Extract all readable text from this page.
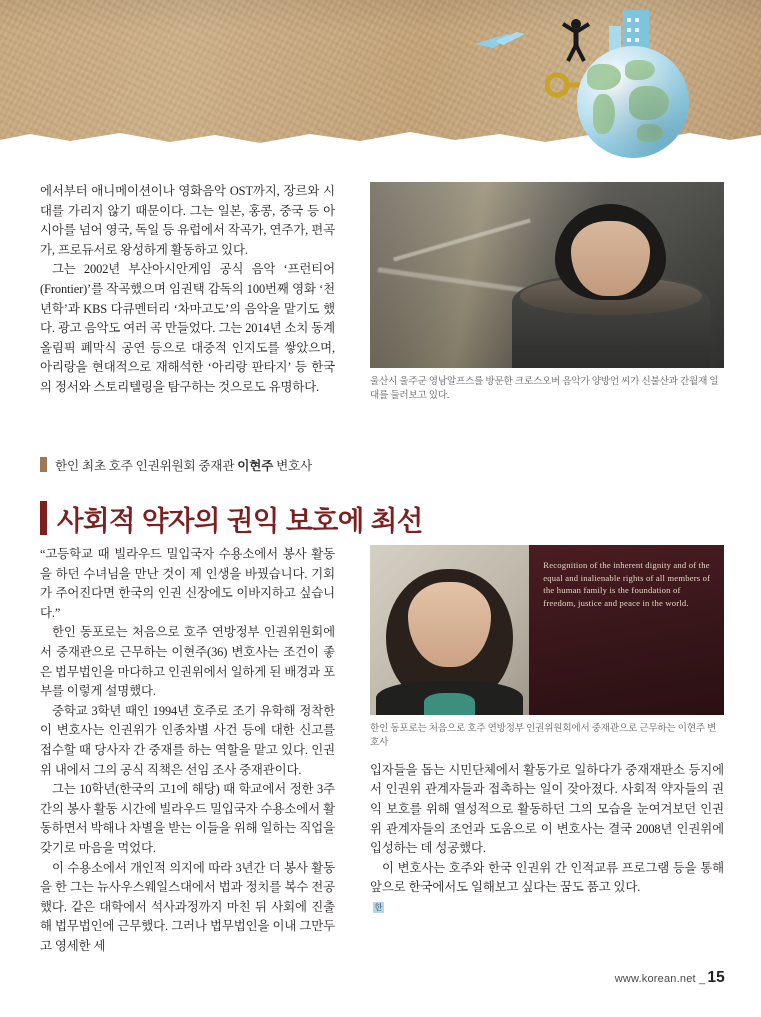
에서부터 애니메이션이나 영화음악 OST까지, 장르와 시대를 가리지 않기 때문이다. 그는 일본, 홍콩, 중국 등 아시아를 넘어 영국, 독일 등 유럽에서 작곡가, 연주가, 편곡가, 프로듀서로 왕성하게 활동하고 있다.

그는 2002년 부산아시안게임 공식 음악 ‘프런티어(Frontier)’를 작곡했으며 임권택 감독의 100번째 영화 ‘천년학’과 KBS 다큐멘터리 ‘차마고도’의 음악을 맡기도 했다. 광고 음악도 여러 곡 만들었다. 그는 2014년 소치 동계올림픽 폐막식 공연 등으로 대중적 인지도를 쌓았으며, 아리랑을 현대적으로 재해석한 ‘아리랑 판타지’ 등 한국의 정서와 스토리텔링을 탐구하는 것으로도 유명하다.	울산시 울주군 영남알프스를 방문한 크로스오버 음악가 양방언 씨가 신불산과 간월재 일대를 둘러보고 있다.
한인 최초 호주 인권위원회 중재관 이현주 변호사
사회적 약자의 권익 보호에 최선

“고등학교 때 빌라우드 밀입국자 수용소에서 봉사 활동을 하던 수녀님을 만난 것이 제 인생을 바꿨습니다. 기회가 주어진다면 한국의 인권 신장에도 이바지하고 싶습니다.”

한인 동포로는 처음으로 호주 연방정부 인권위원회에서 중재관으로 근무하는 이현주(36) 변호사는 조건이 좋은 법무법인을 마다하고 인권위에서 일하게 된 배경과 포부를 이렇게 설명했다.

중학교 3학년 때인 1994년 호주로 조기 유학해 정착한 이 변호사는 인권위가 인종차별 사건 등에 대한 신고를 접수할 때 당사자 간 중재를 하는 역할을 맡고 있다. 인권위 내에서 그의 공식 직책은 선임 조사 중재관이다.

그는 10학년(한국의 고1에 해당) 때 학교에서 정한 3주간의 봉사 활동 시간에 빌라우드 밀입국자 수용소에서 활동하면서 박해나 차별을 받는 이들을 위해 일하는 직업을 갖기로 마음을 먹었다.

이 수용소에서 개인적 의지에 따라 3년간 더 봉사 활동을 한 그는 뉴사우스웨일스대에서 법과 정치를 복수 전공했다. 같은 대학에서 석사과정까지 마친 뒤 사회에 진출해 법무법인에 근무했다. 그러나 법무법인을 이내 그만두고 영세한 세

Recognition of the inherent dignity and of the equal and inalienable rights of all members of the human family is the foundation of freedom, justice and peace in the world.
한인 동포로는 처음으로 호주 연방정부 인권위원회에서 중재관으로 근무하는 이현주 변호사

입자들을 돕는 시민단체에서 활동가로 일하다가 중재재판소 등지에서 인권위 관계자들과 접촉하는 일이 잦아졌다. 사회적 약자들의 권익 보호를 위해 열성적으로 활동하던 그의 모습을 눈여겨보던 인권위 관계자들의 조언과 도움으로 이 변호사는 결국 2008년 인권위에 입성하는 데 성공했다.

이 변호사는 호주와 한국 인권위 간 인적교류 프로그램 등을 통해 앞으로 한국에서도 일해보고 싶다는 꿈도 품고 있다.

한
www.korean.net _ 15
